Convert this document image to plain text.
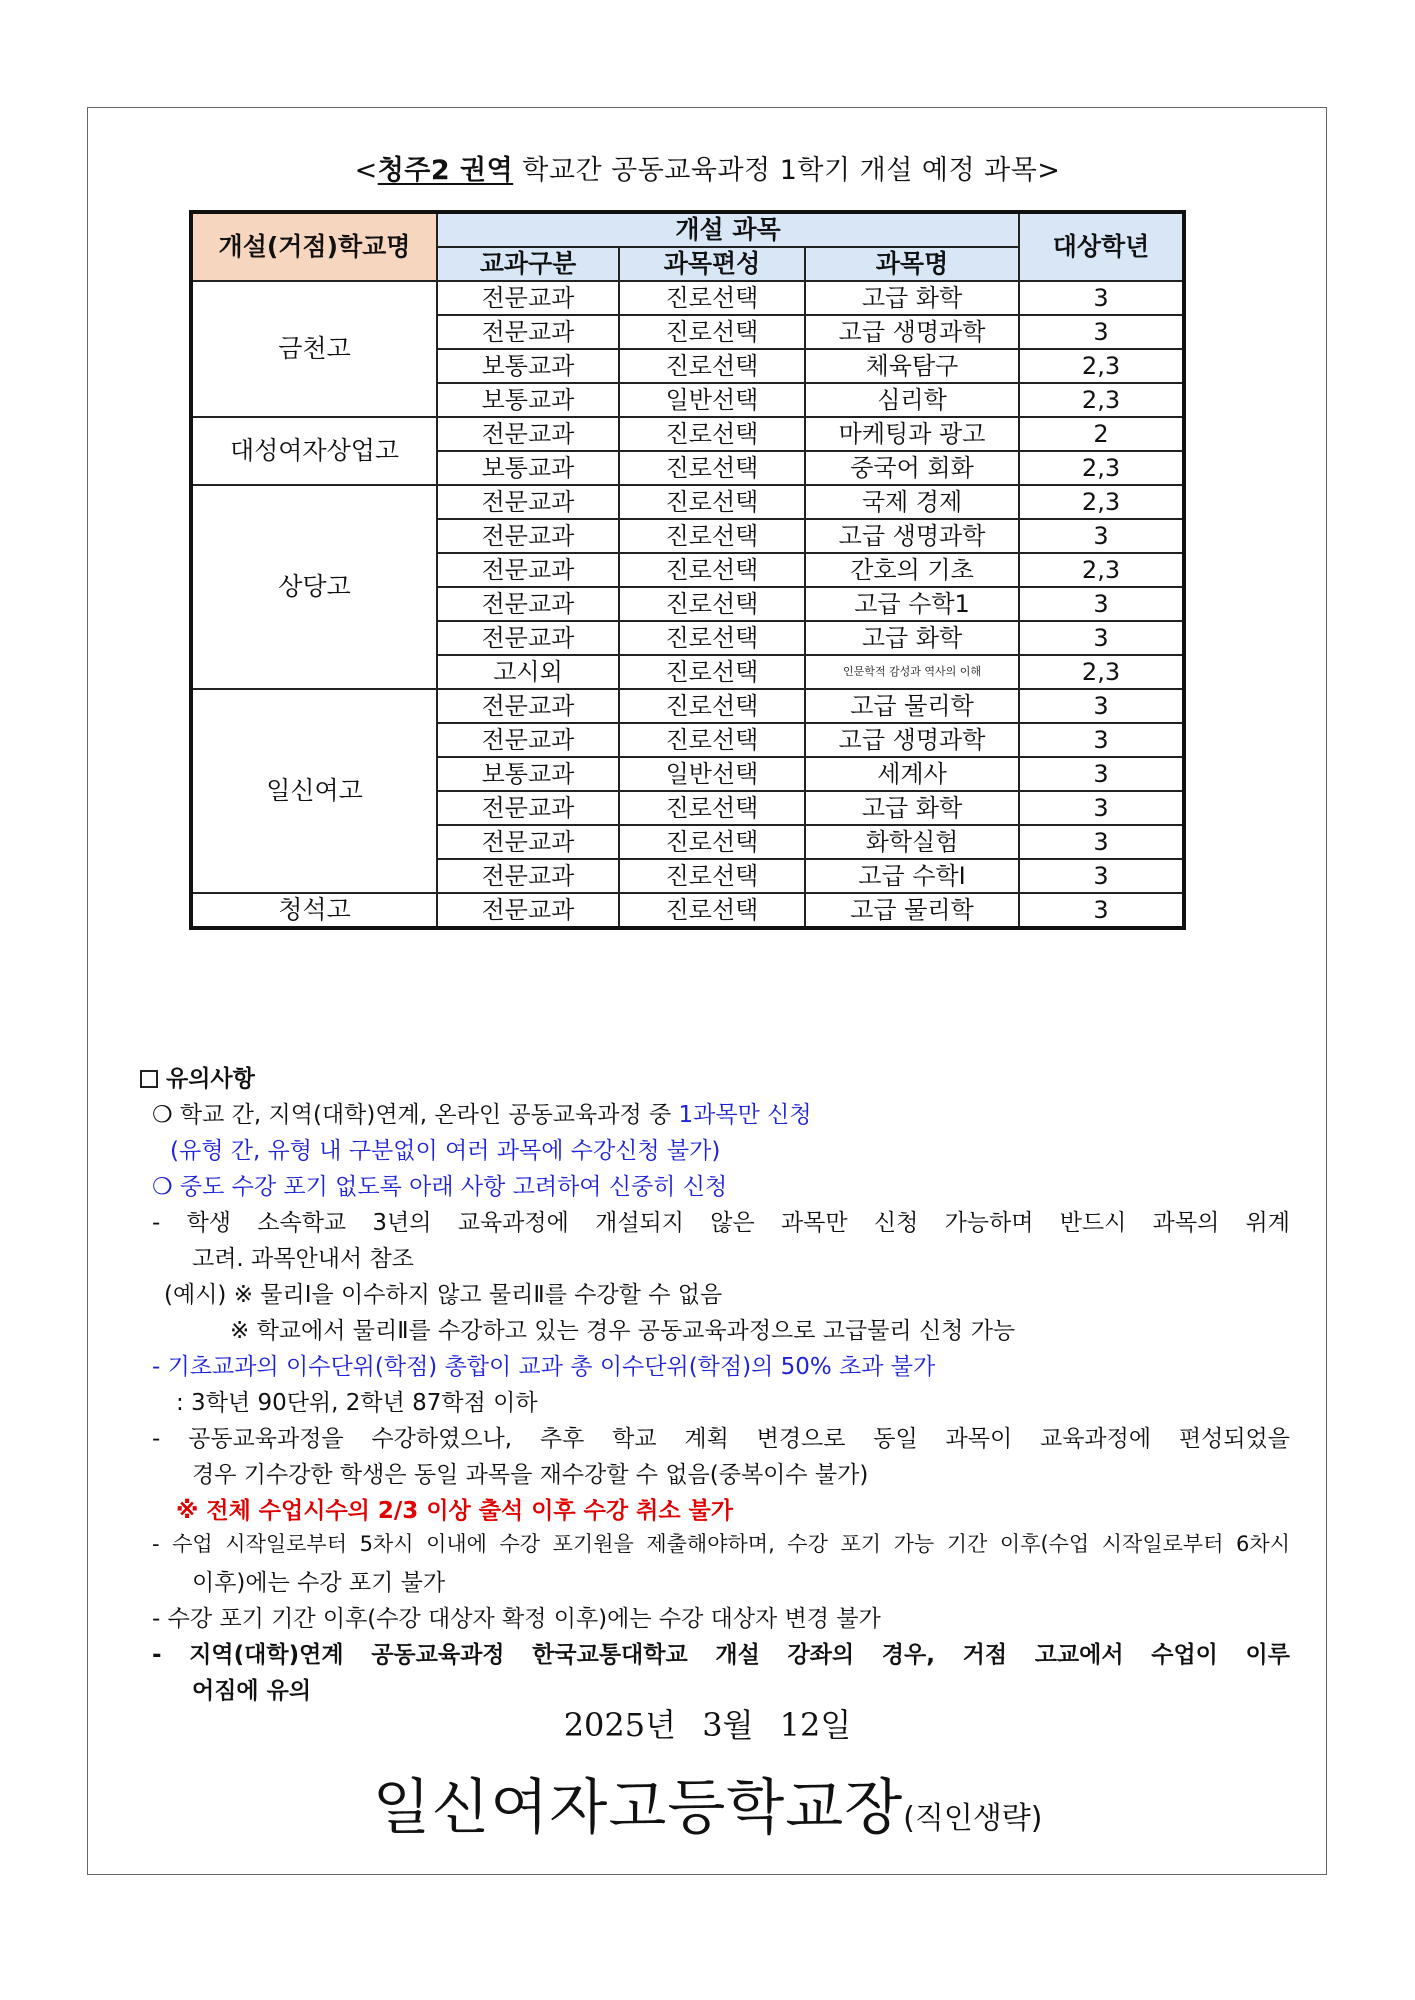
<청주2 권역 학교간 공동교육과정 1학기 개설 예정 과목>
개설(거점)학교명	개설 과목			대상학년
	교과구분	과목편성	과목명	
금천고	전문교과	진로선택	고급 화학	3
	전문교과	진로선택	고급 생명과학	3
	보통교과	진로선택	체육탐구	2,3
	보통교과	일반선택	심리학	2,3
대성여자상업고	전문교과	진로선택	마케팅과 광고	2
	보통교과	진로선택	중국어 회화	2,3
상당고	전문교과	진로선택	국제 경제	2,3
	전문교과	진로선택	고급 생명과학	3
	전문교과	진로선택	간호의 기초	2,3
	전문교과	진로선택	고급 수학1	3
	전문교과	진로선택	고급 화학	3
	고시외	진로선택	인문학적 감성과 역사의 이해	2,3
일신여고	전문교과	진로선택	고급 물리학	3
	전문교과	진로선택	고급 생명과학	3
	보통교과	일반선택	세계사	3
	전문교과	진로선택	고급 화학	3
	전문교과	진로선택	화학실험	3
	전문교과	진로선택	고급 수학Ⅰ	3
청석고	전문교과	진로선택	고급 물리학	3
유의사항
❍ 학교 간, 지역(대학)연계, 온라인 공동교육과정 중 1과목만 신청
(유형 간, 유형 내 구분없이 여러 과목에 수강신청 불가)
❍ 중도 수강 포기 없도록 아래 사항 고려하여 신중히 신청
- 학생 소속학교 3년의 교육과정에 개설되지 않은 과목만 신청 가능하며 반드시 과목의 위계
고려. 과목안내서 참조
(예시) ※ 물리Ⅰ을 이수하지 않고 물리Ⅱ를 수강할 수 없음
※ 학교에서 물리Ⅱ를 수강하고 있는 경우 공동교육과정으로 고급물리 신청 가능
- 기초교과의 이수단위(학점) 총합이 교과 총 이수단위(학점)의 50% 초과 불가
: 3학년 90단위, 2학년 87학점 이하
- 공동교육과정을 수강하였으나, 추후 학교 계획 변경으로 동일 과목이 교육과정에 편성되었을
경우 기수강한 학생은 동일 과목을 재수강할 수 없음(중복이수 불가)
※ 전체 수업시수의 2/3 이상 출석 이후 수강 취소 불가
- 수업 시작일로부터 5차시 이내에 수강 포기원을 제출해야하며, 수강 포기 가능 기간 이후(수업 시작일로부터 6차시
이후)에는 수강 포기 불가
- 수강 포기 기간 이후(수강 대상자 확정 이후)에는 수강 대상자 변경 불가
- 지역(대학)연계 공동교육과정 한국교통대학교 개설 강좌의 경우, 거점 고교에서 수업이 이루
어짐에 유의
2025년 3월 12일
일신여자고등학교장(직인생략)
